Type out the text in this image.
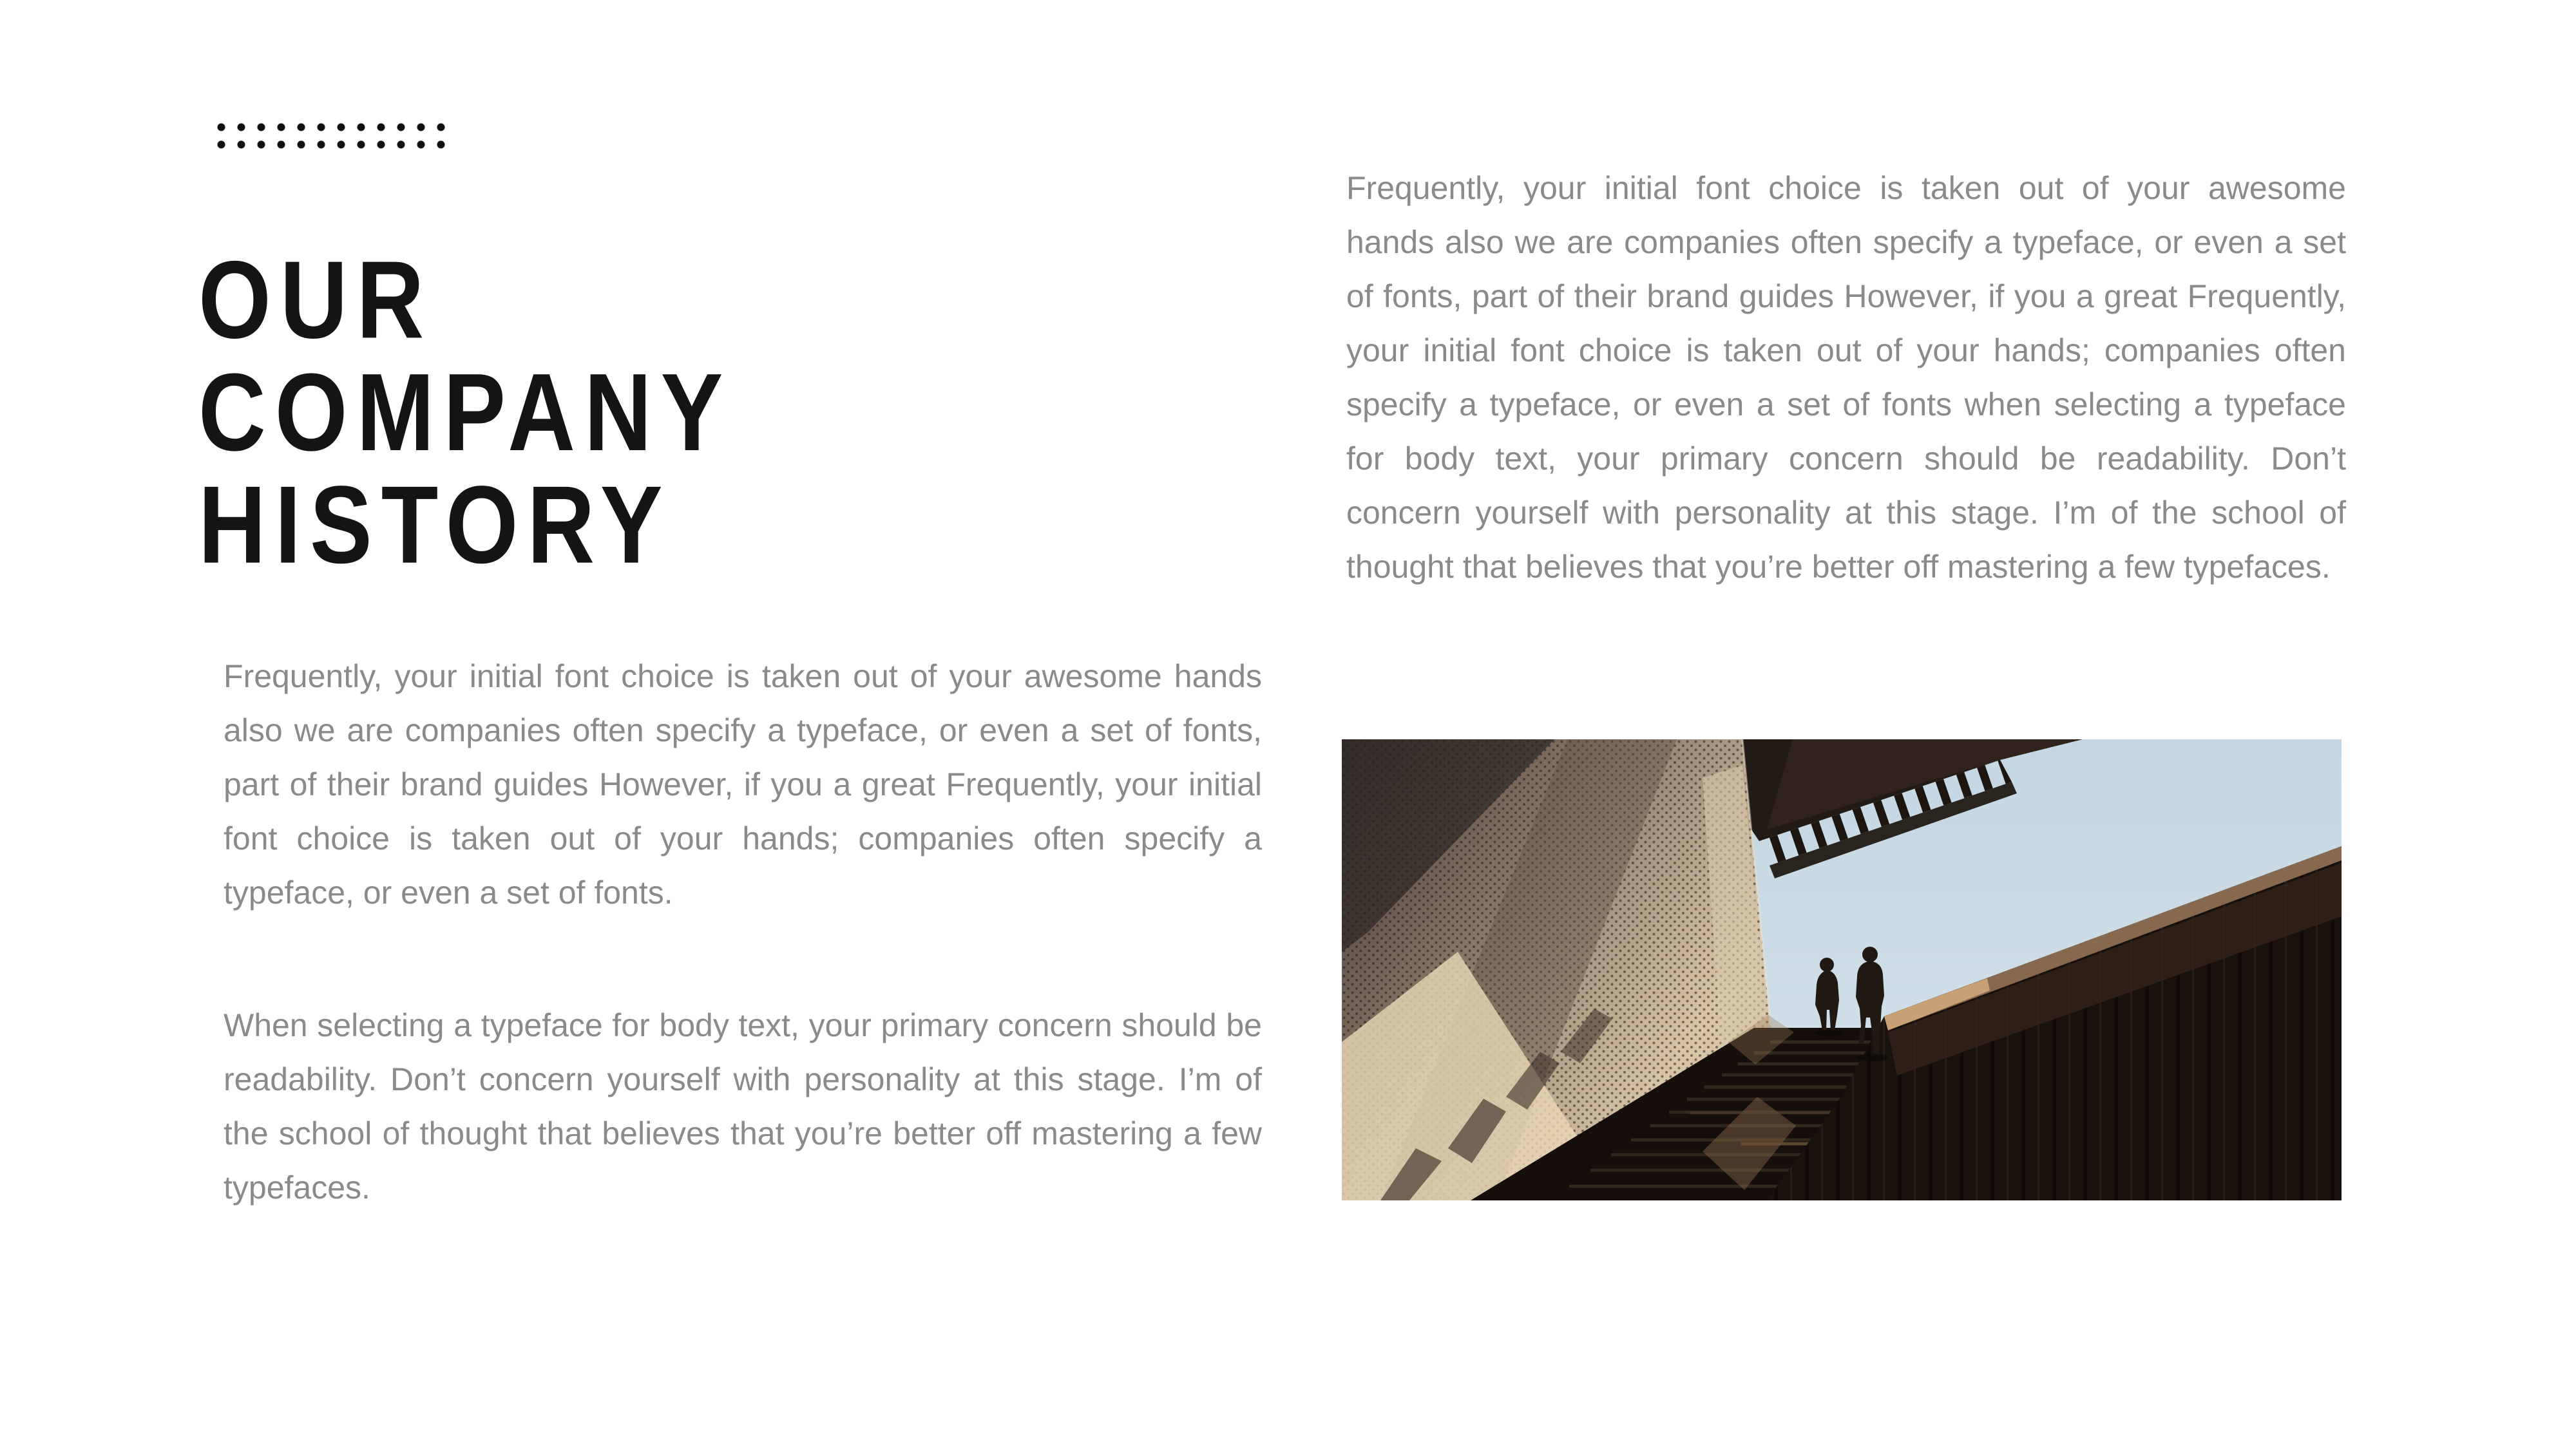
OUR
COMPANY
HISTORY

Frequently, your initial font choice is taken out of your awesome hands also we are companies often specify a typeface, or even a set of fonts, part of their brand guides However, if you a great Frequently, your initial font choice is taken out of your hands; companies often specify a typeface, or even a set of fonts.

When selecting a typeface for body text, your primary concern should be readability. Don’t concern yourself with personality at this stage. I’m of the school of thought that believes that you’re better off mastering a few typefaces.

Frequently, your initial font choice is taken out of your awesome hands also we are companies often specify a typeface, or even a set of fonts, part of their brand guides However, if you a great Frequently, your initial font choice is taken out of your hands; companies often specify a typeface, or even a set of fonts when selecting a typeface for body text, your primary concern should be readability. Don’t concern yourself with personality at this stage. I’m of the school of thought that believes that you’re better off mastering a few typefaces.
